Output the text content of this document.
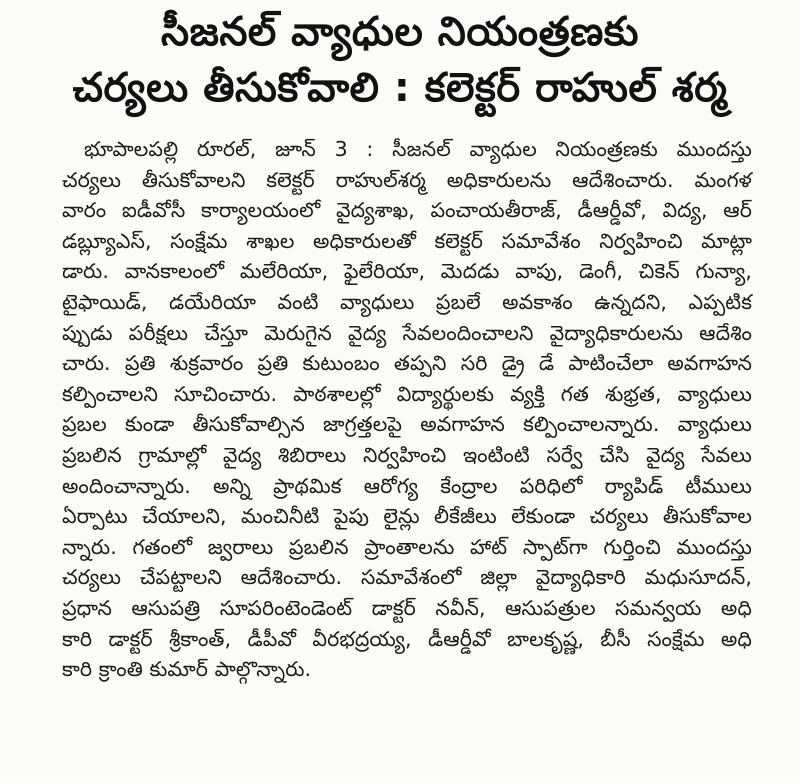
సీజనల్ వ్యాధుల నియంత్రణకు
చర్యలు తీసుకోవాలి : కలెక్టర్ రాహుల్ శర్మ
భూపాలపల్లి రూరల్, జూన్ 3 : సీజనల్ వ్యాధుల నియంత్రణకు ముందస్తు
చర్యలు తీసుకోవాలని కలెక్టర్ రాహుల్‌శర్మ అధికారులను ఆదేశించారు. మంగళ
వారం ఐడీవోసీ కార్యాలయంలో వైద్యశాఖ, పంచాయతీరాజ్, డీఆర్డీవో, విద్య, ఆర్
డబ్ల్యూఎస్, సంక్షేమ శాఖల అధికారులతో కలెక్టర్ సమావేశం నిర్వహించి మాట్లా
డారు. వానకాలంలో మలేరియా, ఫైలేరియా, మెదడు వాపు, డెంగీ, చికెన్ గున్యా,
టైఫాయిడ్, డయేరియా వంటి వ్యాధులు ప్రబలే అవకాశం ఉన్నదని, ఎప్పటిక
ప్పుడు పరీక్షలు చేస్తూ మెరుగైన వైద్య సేవలందించాలని వైద్యాధికారులను ఆదేశిం
చారు. ప్రతి శుక్రవారం ప్రతి కుటుంబం తప్పని సరి డ్రై డే పాటించేలా అవగాహన
కల్పించాలని సూచించారు. పాఠశాలల్లో విద్యార్థులకు వ్యక్తి గత శుభ్రత, వ్యాధులు
ప్రబల కుండా తీసుకోవాల్సిన జాగ్రత్తలపై అవగాహన కల్పించాలన్నారు. వ్యాధులు
ప్రబలిన గ్రామాల్లో వైద్య శిబిరాలు నిర్వహించి ఇంటింటి సర్వే చేసి వైద్య సేవలు
అందించాన్నారు. అన్ని ప్రాథమిక ఆరోగ్య కేంద్రాల పరిధిలో ర్యాపిడ్ టీములు
ఏర్పాటు చేయాలని, మంచినీటి పైపు లైన్లు లీకేజీలు లేకుండా చర్యలు తీసుకోవాల
న్నారు. గతంలో జ్వరాలు ప్రబలిన ప్రాంతాలను హాట్ స్పాట్‌గా గుర్తించి ముందస్తు
చర్యలు చేపట్టాలని ఆదేశించారు. సమావేశంలో జిల్లా వైద్యాధికారి మధుసూదన్,
ప్రధాన ఆసుపత్రి సూపరింటెండెంట్ డాక్టర్ నవీన్, ఆసుపత్రుల సమన్వయ అధి
కారి డాక్టర్ శ్రీకాంత్, డీపీవో వీరభద్రయ్య, డీఆర్డీవో బాలకృష్ణ, బీసీ సంక్షేమ అధి
కారి క్రాంతి కుమార్ పాల్గొన్నారు.
